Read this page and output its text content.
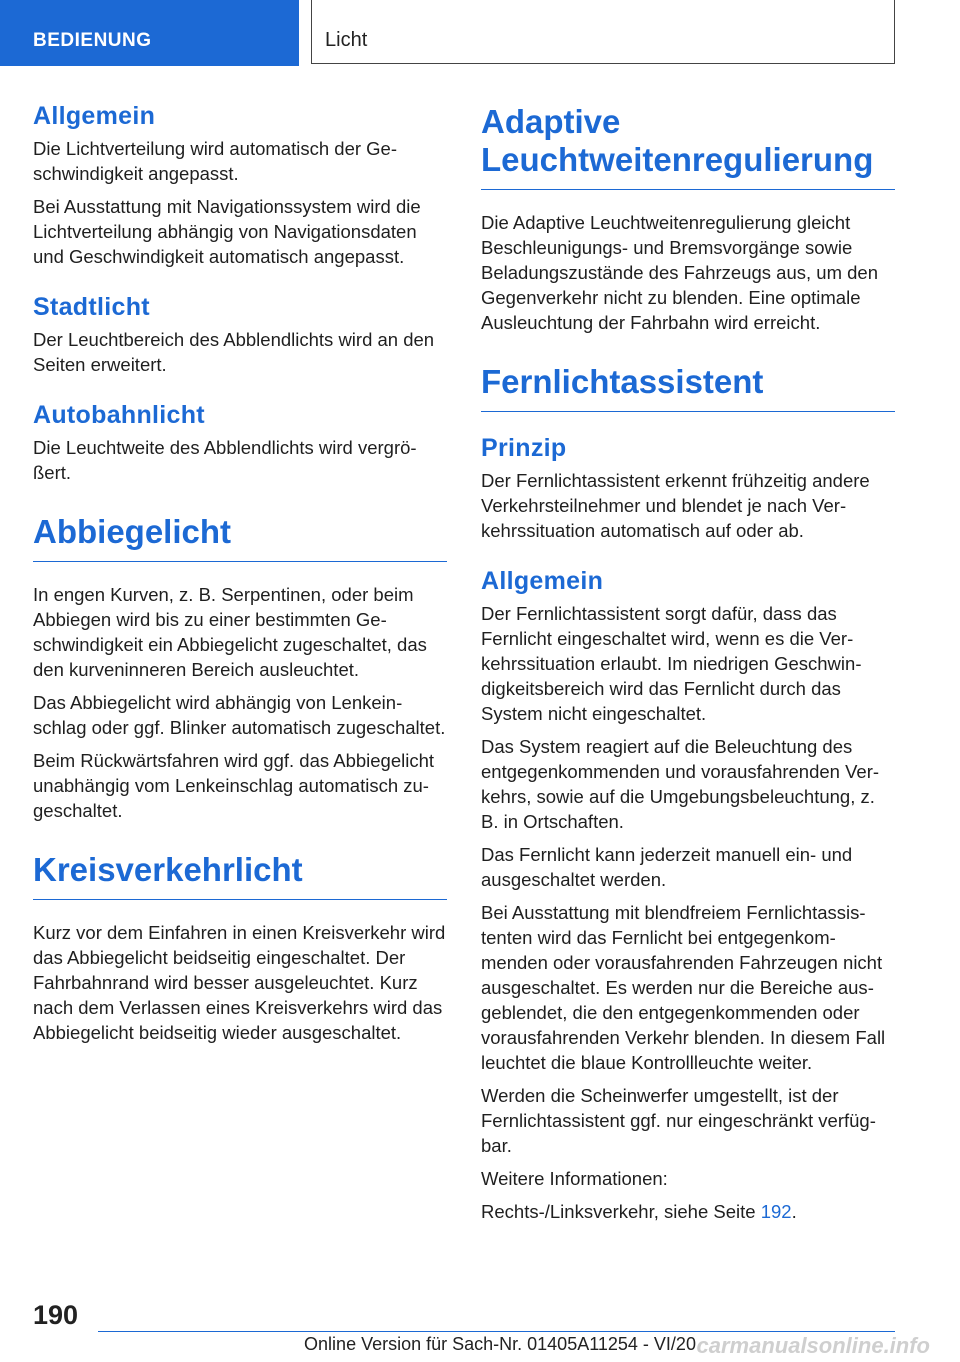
BEDIENUNG	Licht
Allgemein

Die Lichtverteilung wird automatisch der Geschwindigkeit angepasst.

Bei Ausstattung mit Navigationssystem wird die Lichtverteilung abhängig von Navigationsdaten und Geschwindigkeit automatisch angepasst.

Stadtlicht

Der Leuchtbereich des Abblendlichts wird an den Seiten erweitert.

Autobahnlicht

Die Leuchtweite des Abblendlichts wird vergrößert.

Abbiegelicht

In engen Kurven, z. B. Serpentinen, oder beim Abbiegen wird bis zu einer bestimmten Geschwindigkeit ein Abbiegelicht zugeschaltet, das den kurveninneren Bereich ausleuchtet.

Das Abbiegelicht wird abhängig von Lenkeinschlag oder ggf. Blinker automatisch zugeschaltet.

Beim Rückwärtsfahren wird ggf. das Abbiegelicht unabhängig vom Lenkeinschlag automatisch zugeschaltet.

Kreisverkehrlicht

Kurz vor dem Einfahren in einen Kreisverkehr wird das Abbiegelicht beidseitig eingeschaltet. Der Fahrbahnrand wird besser ausgeleuchtet. Kurz nach dem Verlassen eines Kreisverkehrs wird das Abbiegelicht beidseitig wieder ausgeschaltet.

Adaptive Leuchtweitenregulierung

Die Adaptive Leuchtweitenregulierung gleicht Beschleunigungs- und Bremsvorgänge sowie Beladungszustände des Fahrzeugs aus, um den Gegenverkehr nicht zu blenden. Eine optimale Ausleuchtung der Fahrbahn wird erreicht.

Fernlichtassistent
Prinzip

Der Fernlichtassistent erkennt frühzeitig andere Verkehrsteilnehmer und blendet je nach Verkehrssituation automatisch auf oder ab.

Allgemein

Der Fernlichtassistent sorgt dafür, dass das Fernlicht eingeschaltet wird, wenn es die Verkehrssituation erlaubt. Im niedrigen Geschwindigkeitsbereich wird das Fernlicht durch das System nicht eingeschaltet.

Das System reagiert auf die Beleuchtung des entgegenkommenden und vorausfahrenden Verkehrs, sowie auf die Umgebungsbeleuchtung, z. B. in Ortschaften.

Das Fernlicht kann jederzeit manuell ein- und ausgeschaltet werden.

Bei Ausstattung mit blendfreiem Fernlichtassistenten wird das Fernlicht bei entgegenkommenden oder vorausfahrenden Fahrzeugen nicht ausgeschaltet. Es werden nur die Bereiche ausgeblendet, die den entgegenkommenden oder vorausfahrenden Verkehr blenden. In diesem Fall leuchtet die blaue Kontrollleuchte weiter.

Werden die Scheinwerfer umgestellt, ist der Fernlichtassistent ggf. nur eingeschränkt verfügbar.

Weitere Informationen:

Rechts-/Linksverkehr, siehe Seite 192.

190
Online Version für Sach-Nr. 01405A11254 - VI/20 carmanualsonline.info
